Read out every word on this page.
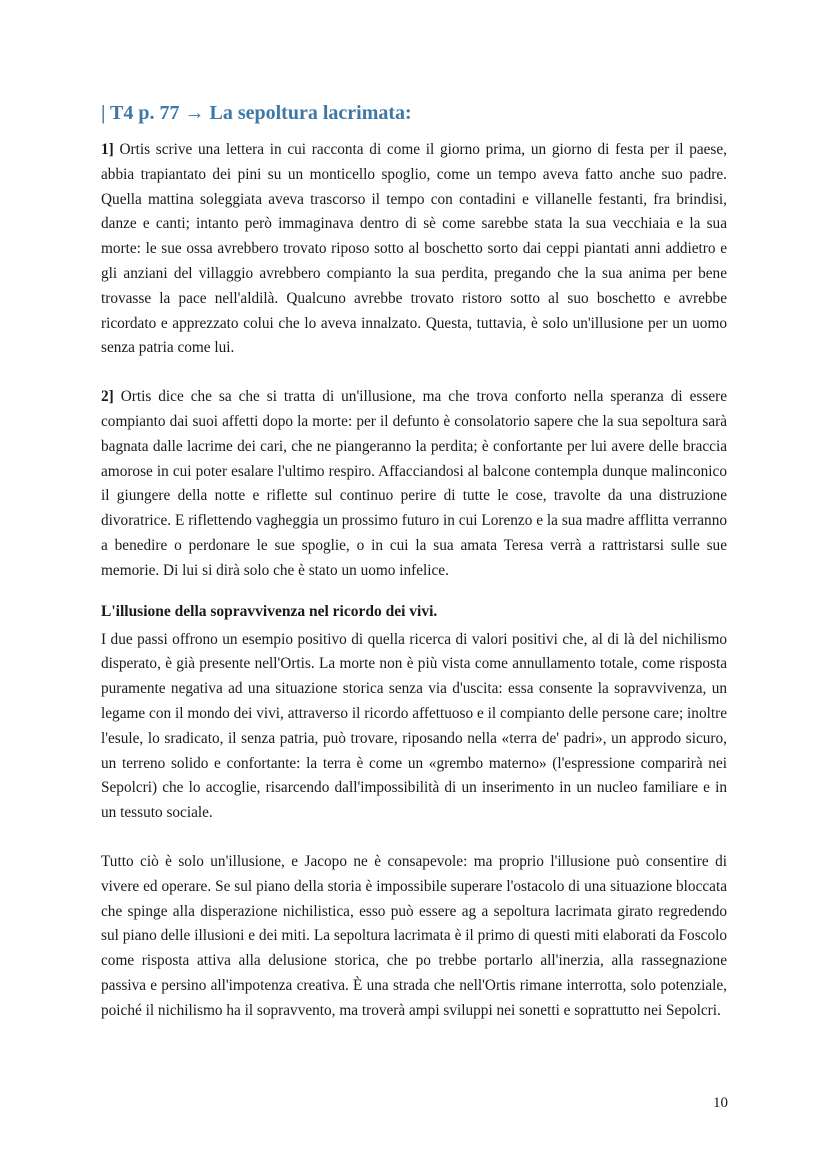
| T4 p. 77 → La sepoltura lacrimata:

1] Ortis scrive una lettera in cui racconta di come il giorno prima, un giorno di festa per il paese, abbia trapiantato dei pini su un monticello spoglio, come un tempo aveva fatto anche suo padre. Quella mattina soleggiata aveva trascorso il tempo con contadini e villanelle festanti, fra brindisi, danze e canti; intanto però immaginava dentro di sè come sarebbe stata la sua vecchiaia e la sua morte: le sue ossa avrebbero trovato riposo sotto al boschetto sorto dai ceppi piantati anni addietro e gli anziani del villaggio avrebbero compianto la sua perdita, pregando che la sua anima per bene trovasse la pace nell'aldilà. Qualcuno avrebbe trovato ristoro sotto al suo boschetto e avrebbe ricordato e apprezzato colui che lo aveva innalzato. Questa, tuttavia, è solo un'illusione per un uomo senza patria come lui.

2] Ortis dice che sa che si tratta di un'illusione, ma che trova conforto nella speranza di essere compianto dai suoi affetti dopo la morte: per il defunto è consolatorio sapere che la sua sepoltura sarà bagnata dalle lacrime dei cari, che ne piangeranno la perdita; è confortante per lui avere delle braccia amorose in cui poter esalare l'ultimo respiro. Affacciandosi al balcone contempla dunque malinconico il giungere della notte e riflette sul continuo perire di tutte le cose, travolte da una distruzione divoratrice. E riflettendo vagheggia un prossimo futuro in cui Lorenzo e la sua madre afflitta verranno a benedire o perdonare le sue spoglie, o in cui la sua amata Teresa verrà a rattristarsi sulle sue memorie. Di lui si dirà solo che è stato un uomo infelice.

L'illusione della sopravvivenza nel ricordo dei vivi.

I due passi offrono un esempio positivo di quella ricerca di valori positivi che, al di là del nichilismo disperato, è già presente nell'Ortis. La morte non è più vista come annullamento totale, come risposta puramente negativa ad una situazione storica senza via d'uscita: essa consente la sopravvivenza, un legame con il mondo dei vivi, attraverso il ricordo affettuoso e il compianto delle persone care; inoltre l'esule, lo sradicato, il senza patria, può trovare, riposando nella «terra de' padri», un approdo sicuro, un terreno solido e confortante: la terra è come un «grembo materno» (l'espressione comparirà nei Sepolcri) che lo accoglie, risarcendo dall'impossibilità di un inserimento in un nucleo familiare e in un tessuto sociale.

Tutto ciò è solo un'illusione, e Jacopo ne è consapevole: ma proprio l'illusione può consentire di vivere ed operare. Se sul piano della storia è impossibile superare l'ostacolo di una situazione bloccata che spinge alla disperazione nichilistica, esso può essere ag a sepoltura lacrimata girato regredendo sul piano delle illusioni e dei miti. La sepoltura lacrimata è il primo di questi miti elaborati da Foscolo come risposta attiva alla delusione storica, che po trebbe portarlo all'inerzia, alla rassegnazione passiva e persino all'impotenza creativa. È una strada che nell'Ortis rimane interrotta, solo potenziale, poiché il nichilismo ha il sopravvento, ma troverà ampi sviluppi nei sonetti e soprattutto nei Sepolcri.

10
